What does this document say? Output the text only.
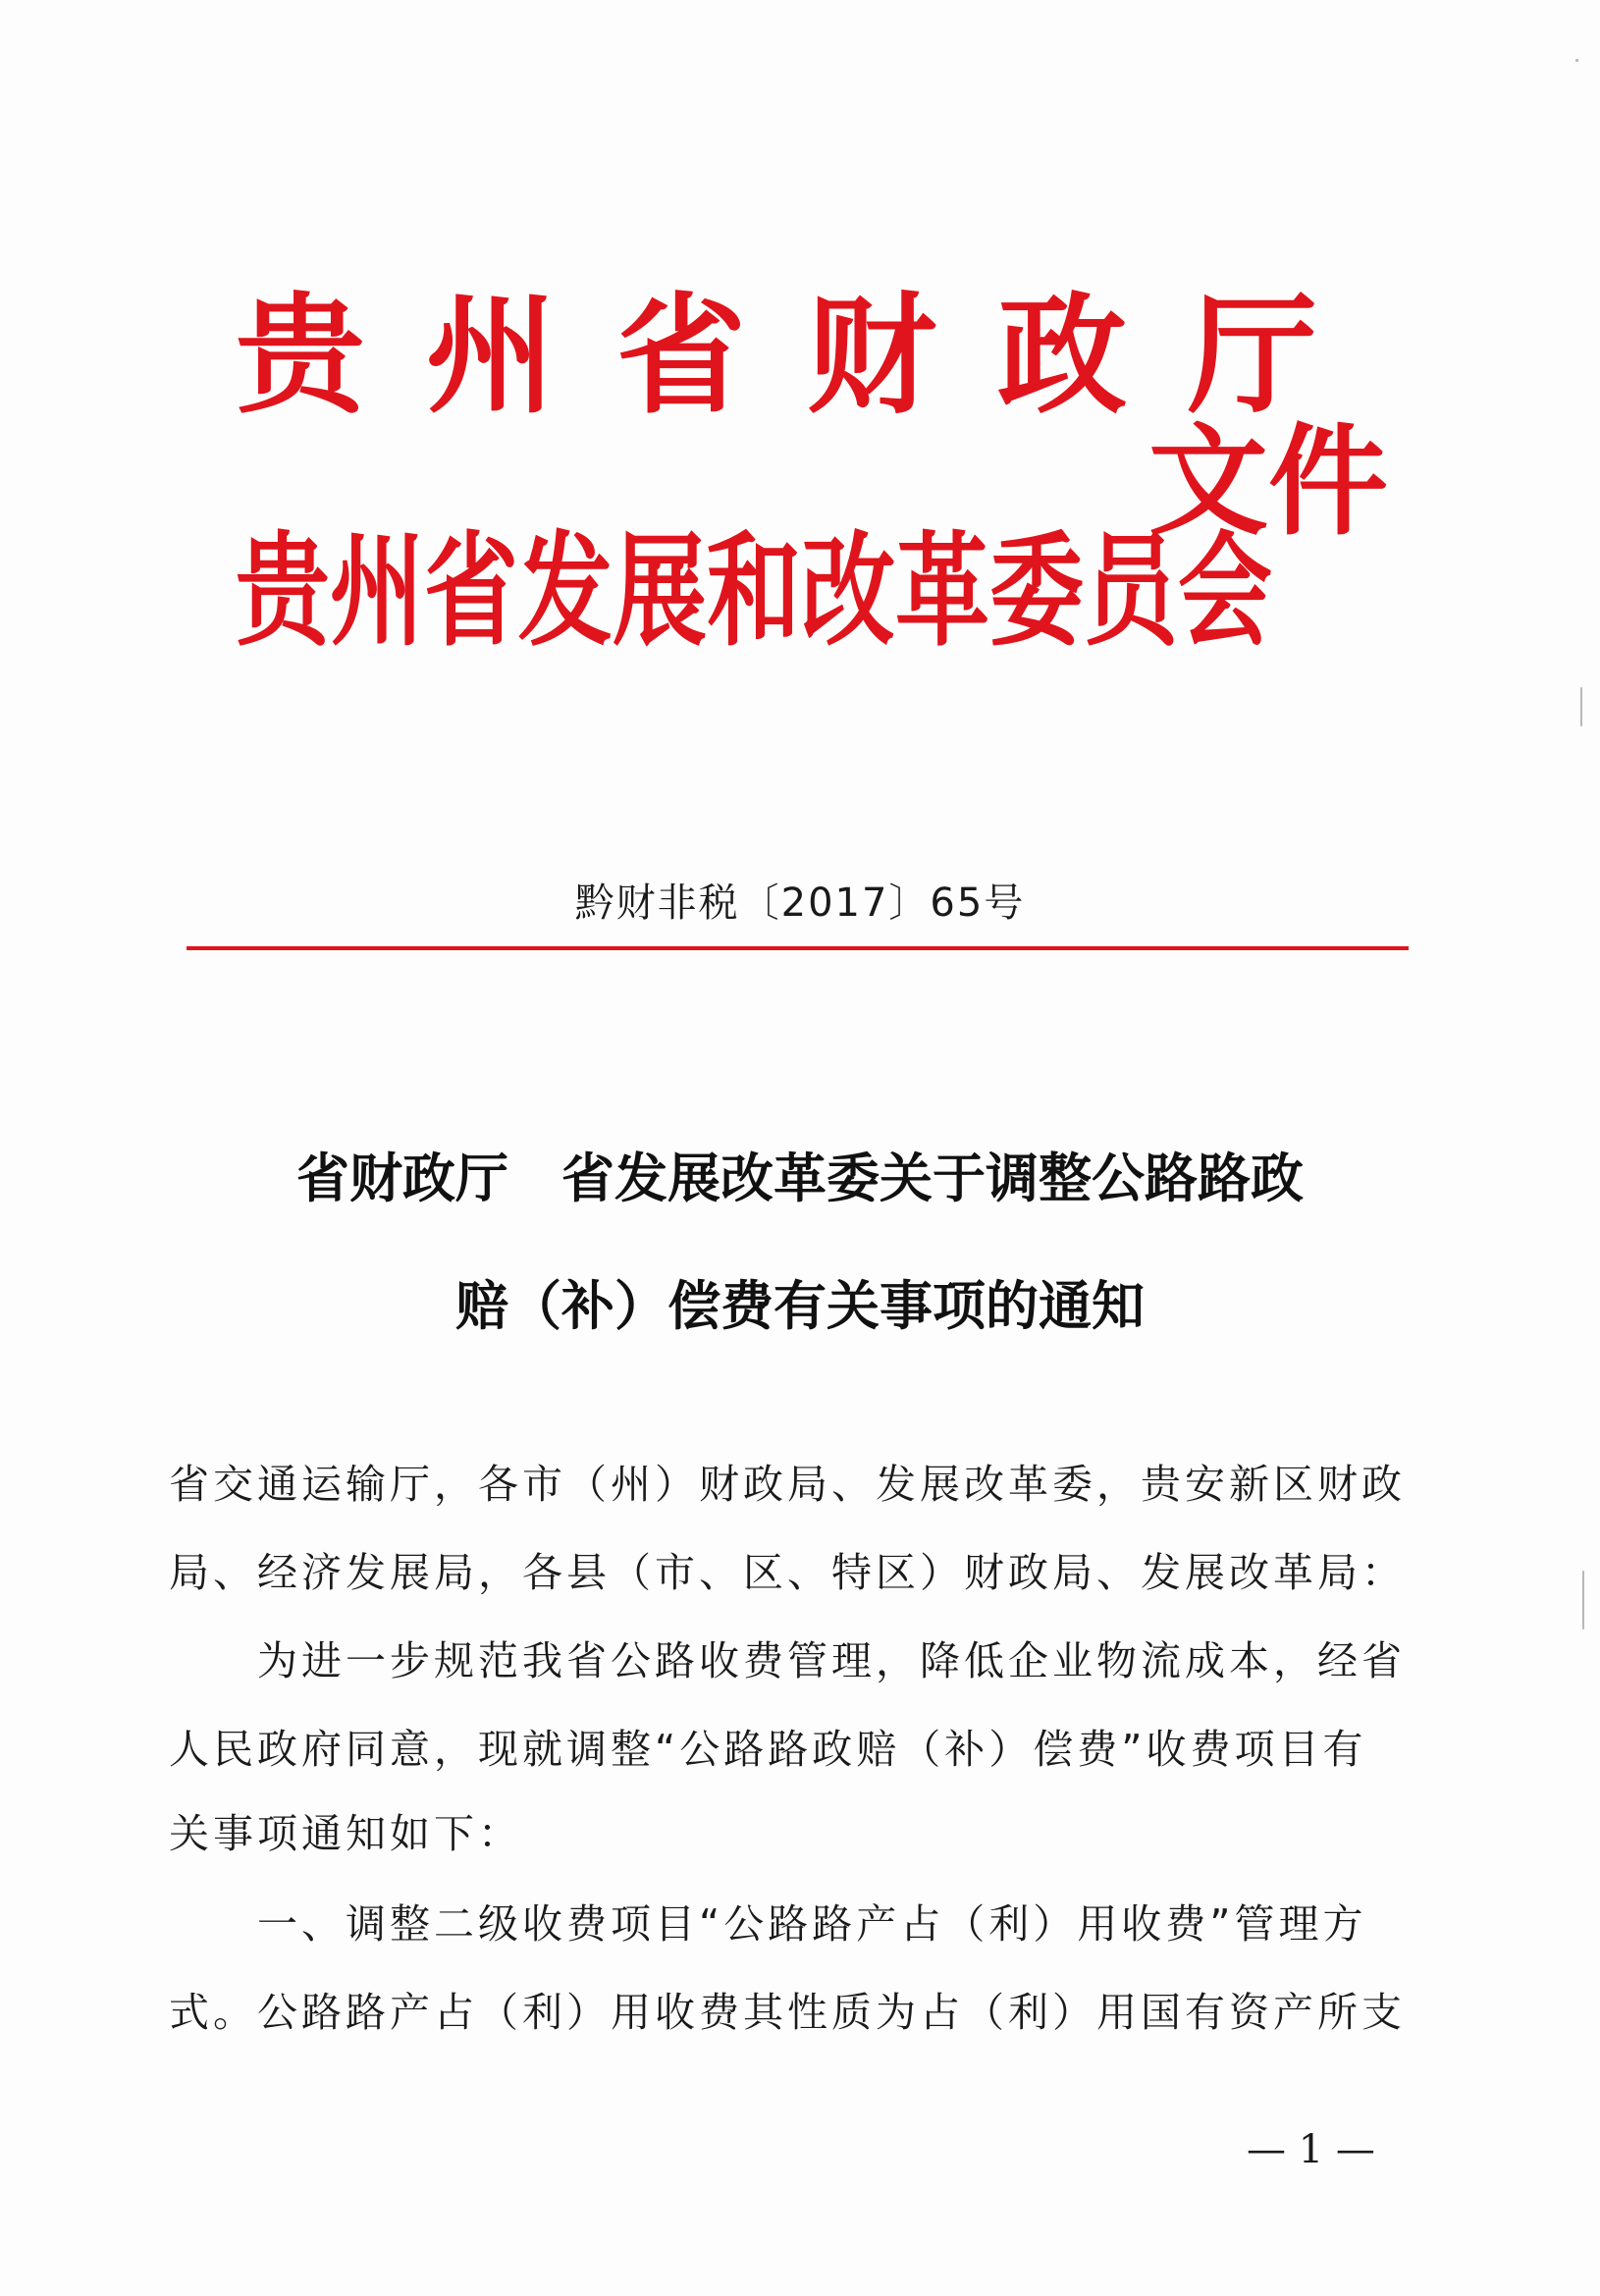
贵州省财政厅
贵州省发展和改革委员会
文件
黔财非税〔2017〕65号
省财政厅　省发展改革委关于调整公路路政
赔（补）偿费有关事项的通知
省交通运输厅，各市（州）财政局、发展改革委，贵安新区财政
局、经济发展局，各县（市、区、特区）财政局、发展改革局：
　　为进一步规范我省公路收费管理，降低企业物流成本，经省
人民政府同意，现就调整“公路路政赔（补）偿费”收费项目有
关事项通知如下：
　　一、调整二级收费项目“公路路产占（利）用收费”管理方
式。公路路产占（利）用收费其性质为占（利）用国有资产所支
— 1 —
